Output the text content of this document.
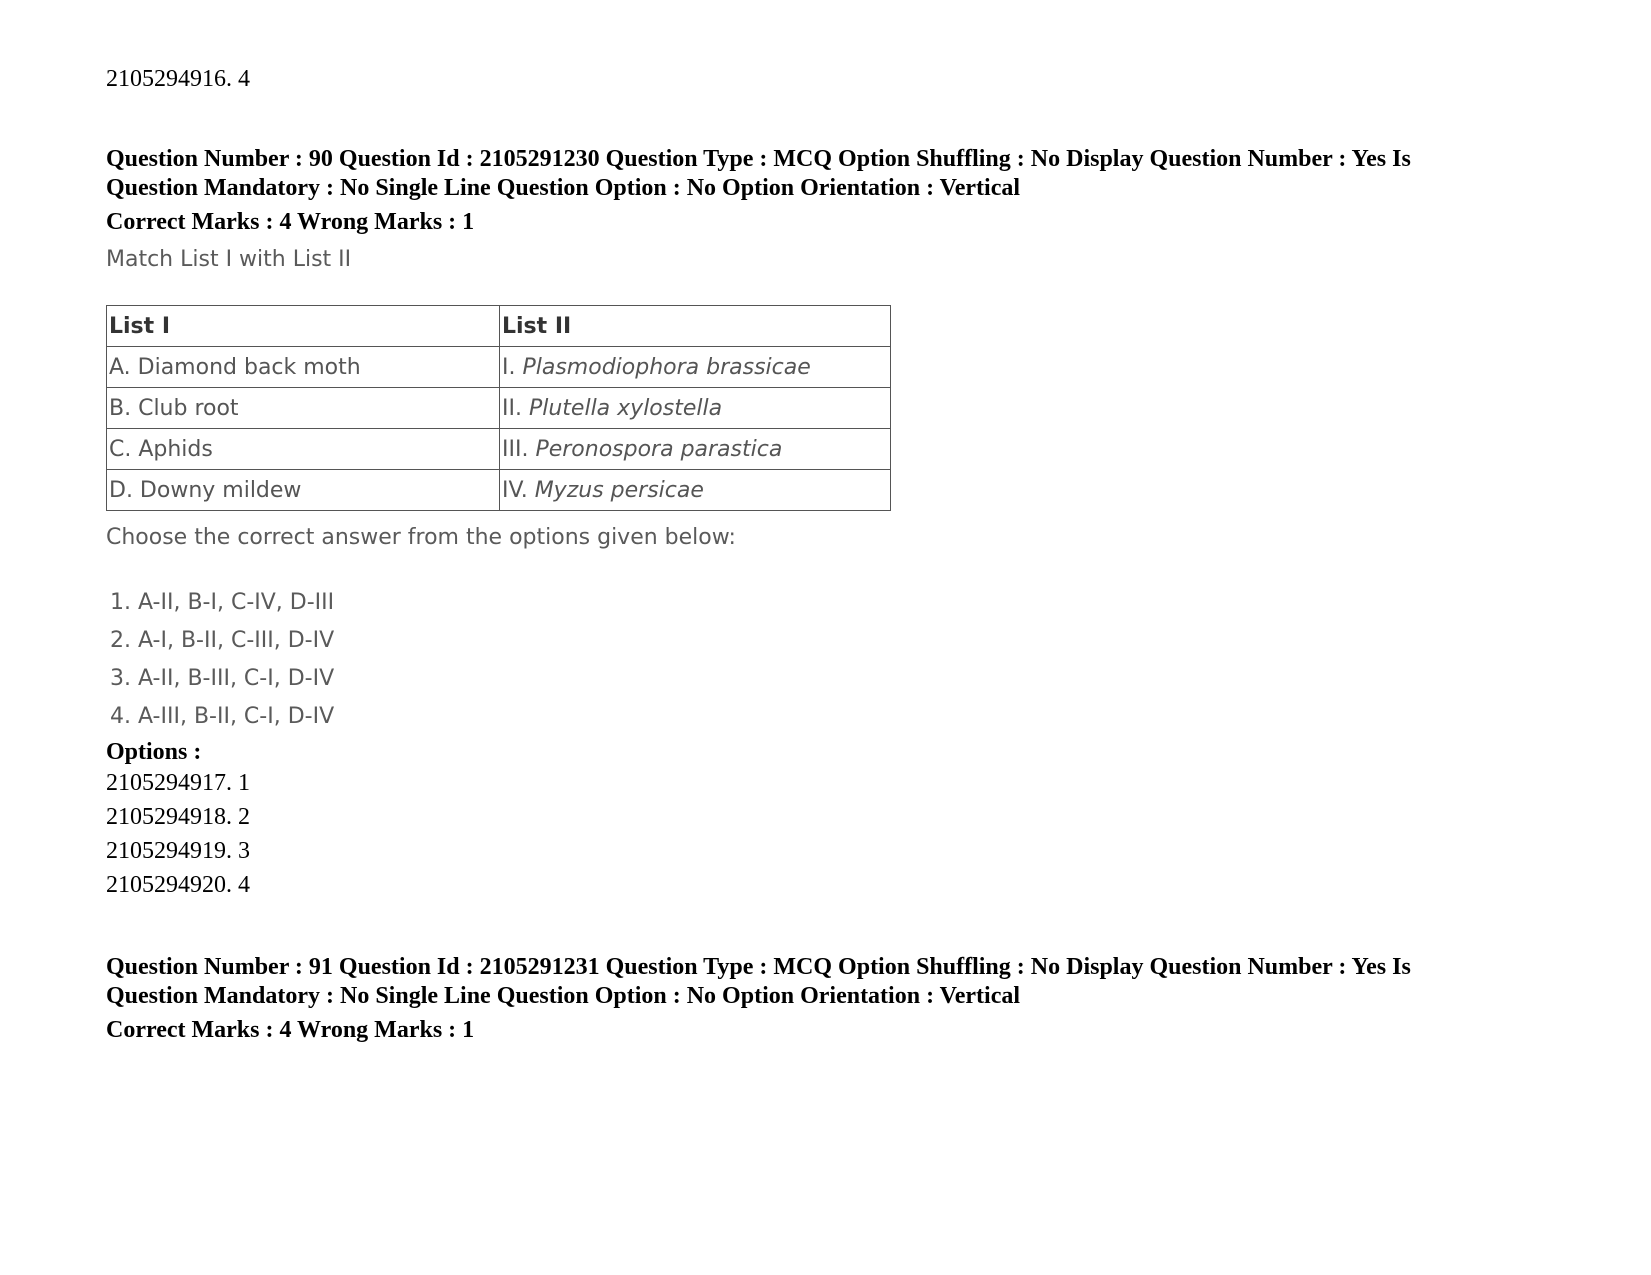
2105294916. 4
Question Number : 90 Question Id : 2105291230 Question Type : MCQ Option Shuffling : No Display Question Number : Yes Is
Question Mandatory : No Single Line Question Option : No Option Orientation : Vertical
Correct Marks : 4 Wrong Marks : 1
Match List I with List II
List I	List II
A. Diamond back moth	I. Plasmodiophora brassicae
B. Club root	II. Plutella xylostella
C. Aphids	III. Peronospora parastica
D. Downy mildew	IV. Myzus persicae
Choose the correct answer from the options given below:
1. A-II, B-I, C-IV, D-III
2. A-I, B-II, C-III, D-IV
3. A-II, B-III, C-I, D-IV
4. A-III, B-II, C-I, D-IV
Options :
2105294917. 1
2105294918. 2
2105294919. 3
2105294920. 4
Question Number : 91 Question Id : 2105291231 Question Type : MCQ Option Shuffling : No Display Question Number : Yes Is
Question Mandatory : No Single Line Question Option : No Option Orientation : Vertical
Correct Marks : 4 Wrong Marks : 1
